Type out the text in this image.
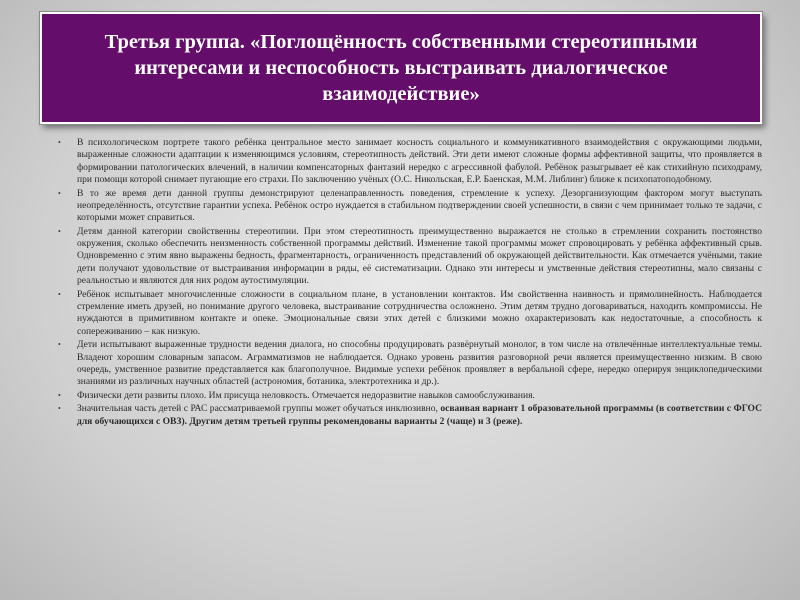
Третья группа. «Поглощённость собственными стереотипными интересами и неспособность выстраивать диалогическое взаимодействие»
• В психологическом портрете такого ребёнка центральное место занимает косность социального и коммуникативного взаимодействия с окружающими людьми, выраженные сложности адаптации к изменяющимся условиям, стереотипность действий. Эти дети имеют сложные формы аффективной защиты, что проявляется в формировании патологических влечений, в наличии компенсаторных фантазий нередко с агрессивной фабулой. Ребёнок разыгрывает её как стихийную психодраму, при помощи которой снимает пугающие его страхи. По заключению учёных (О.С. Никольская, Е.Р. Баенская, М.М. Либлинг) ближе к психопатоподобному.
• В то же время дети данной группы демонстрируют целенаправленность поведения, стремление к успеху. Дезорганизующим фактором могут выступать неопределённость, отсутствие гарантии успеха. Ребёнок остро нуждается в стабильном подтверждении своей успешности, в связи с чем принимает только те задачи, с которыми может справиться.
• Детям данной категории свойственны стереотипии. При этом стереотипность преимущественно выражается не столько в стремлении сохранить постоянство окружения, сколько обеспечить неизменность собственной программы действий. Изменение такой программы может спровоцировать у ребёнка аффективный срыв. Одновременно с этим явно выражены бедность, фрагментарность, ограниченность представлений об окружающей действительности. Как отмечается учёными, такие дети получают удовольствие от выстраивания информации в ряды, её систематизации. Однако эти интересы и умственные действия стереотипны, мало связаны с реальностью и являются для них родом аутостимуляции.
• Ребёнок испытывает многочисленные сложности в социальном плане, в установлении контактов. Им свойственна наивность и прямолинейность. Наблюдается стремление иметь друзей, но понимание другого человека, выстраивание сотрудничества осложнено. Этим детям трудно договариваться, находить компромиссы. Не нуждаются в примитивном контакте и опеке. Эмоциональные связи этих детей с близкими можно охарактеризовать как недостаточные, а способность к сопереживанию – как низкую.
• Дети испытывают выраженные трудности ведения диалога, но способны продуцировать развёрнутый монолог, в том числе на отвлечённые интеллектуальные темы. Владеют хорошим словарным запасом. Аграмматизмов не наблюдается. Однако уровень развития разговорной речи является преимущественно низким. В свою очередь, умственное развитие представляется как благополучное. Видимые успехи ребёнок проявляет в вербальной сфере, нередко оперируя энциклопедическими знаниями из различных научных областей (астрономия, ботаника, электротехника и др.).
• Физически дети развиты плохо. Им присуща неловкость. Отмечается недоразвитие навыков самообслуживания.
• Значительная часть детей с РАС рассматриваемой группы может обучаться инклюзивно, осваивая вариант 1 образовательной программы (в соответствии с ФГОС для обучающихся с ОВЗ). Другим детям третьей группы рекомендованы варианты 2 (чаще) и 3 (реже).
